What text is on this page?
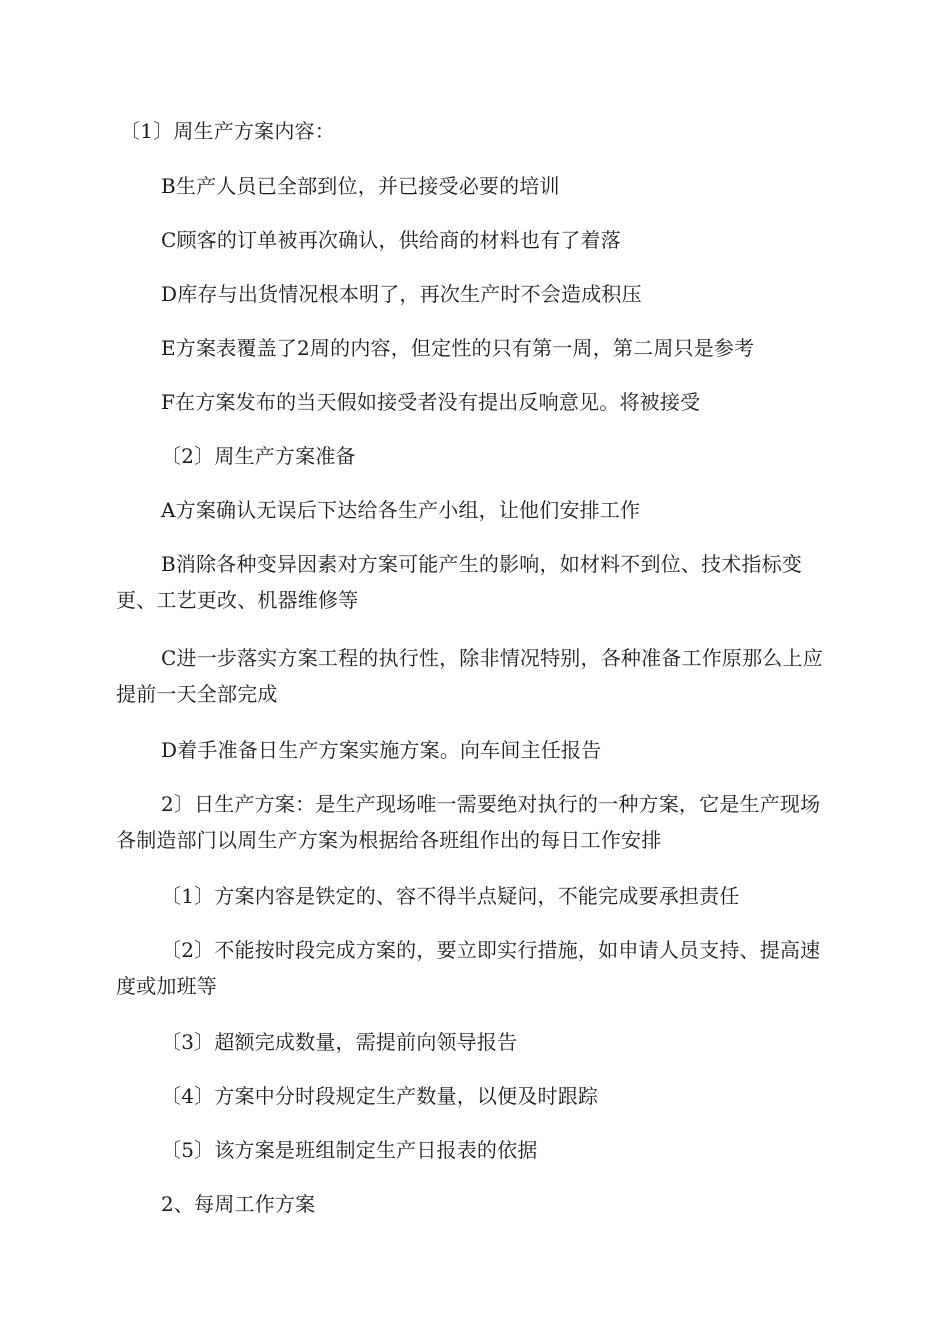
〔1〕周生产方案内容：

B生产人员已全部到位，并已接受必要的培训

C顾客的订单被再次确认，供给商的材料也有了着落

D库存与出货情况根本明了，再次生产时不会造成积压

E方案表覆盖了2周的内容，但定性的只有第一周，第二周只是参考

F在方案发布的当天假如接受者没有提出反响意见。将被接受

〔2〕周生产方案准备

A方案确认无误后下达给各生产小组，让他们安排工作

B消除各种变异因素对方案可能产生的影响，如材料不到位、技术指标变更、工艺更改、机器维修等

C进一步落实方案工程的执行性，除非情况特别，各种准备工作原那么上应提前一天全部完成

D着手准备日生产方案实施方案。向车间主任报告

2〕日生产方案：是生产现场唯一需要绝对执行的一种方案，它是生产现场各制造部门以周生产方案为根据给各班组作出的每日工作安排

〔1〕方案内容是铁定的、容不得半点疑问，不能完成要承担责任

〔2〕不能按时段完成方案的，要立即实行措施，如申请人员支持、提高速度或加班等

〔3〕超额完成数量，需提前向领导报告

〔4〕方案中分时段规定生产数量，以便及时跟踪

〔5〕该方案是班组制定生产日报表的依据

2、每周工作方案
